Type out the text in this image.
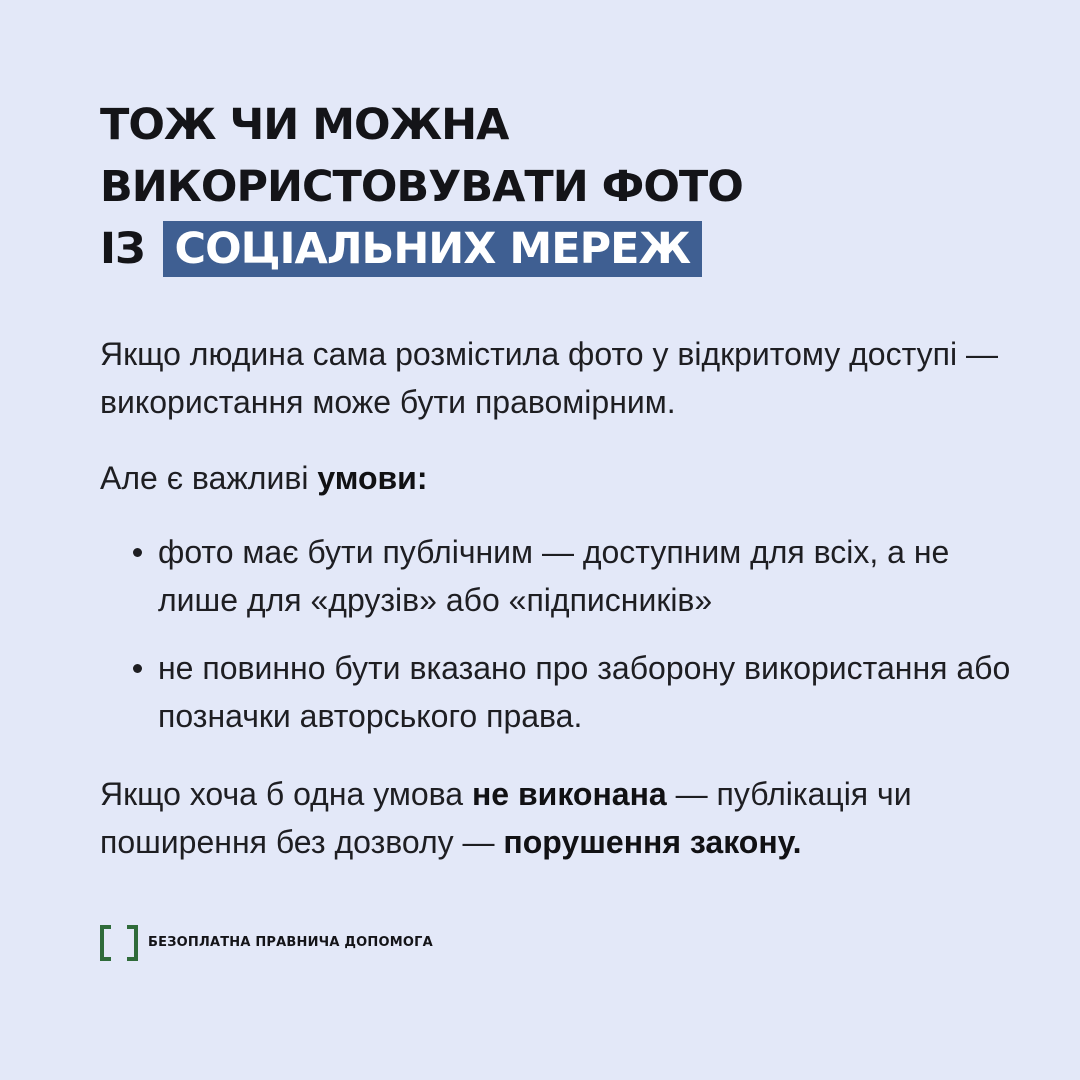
ТОЖ ЧИ МОЖНА
ВИКОРИСТОВУВАТИ ФОТО
ІЗ СОЦІАЛЬНИХ МЕРЕЖ

Якщо людина сама розмістила фото у відкритому доступі — використання може бути правомірним.

Але є важливі умови:

фото має бути публічним — доступним для всіх, а не лише для «друзів» або «підписників»
не повинно бути вказано про заборону використання або позначки авторського права.

Якщо хоча б одна умова не виконана — публікація чи поширення без дозволу — порушення закону.

БЕЗОПЛАТНА ПРАВНИЧА ДОПОМОГА
